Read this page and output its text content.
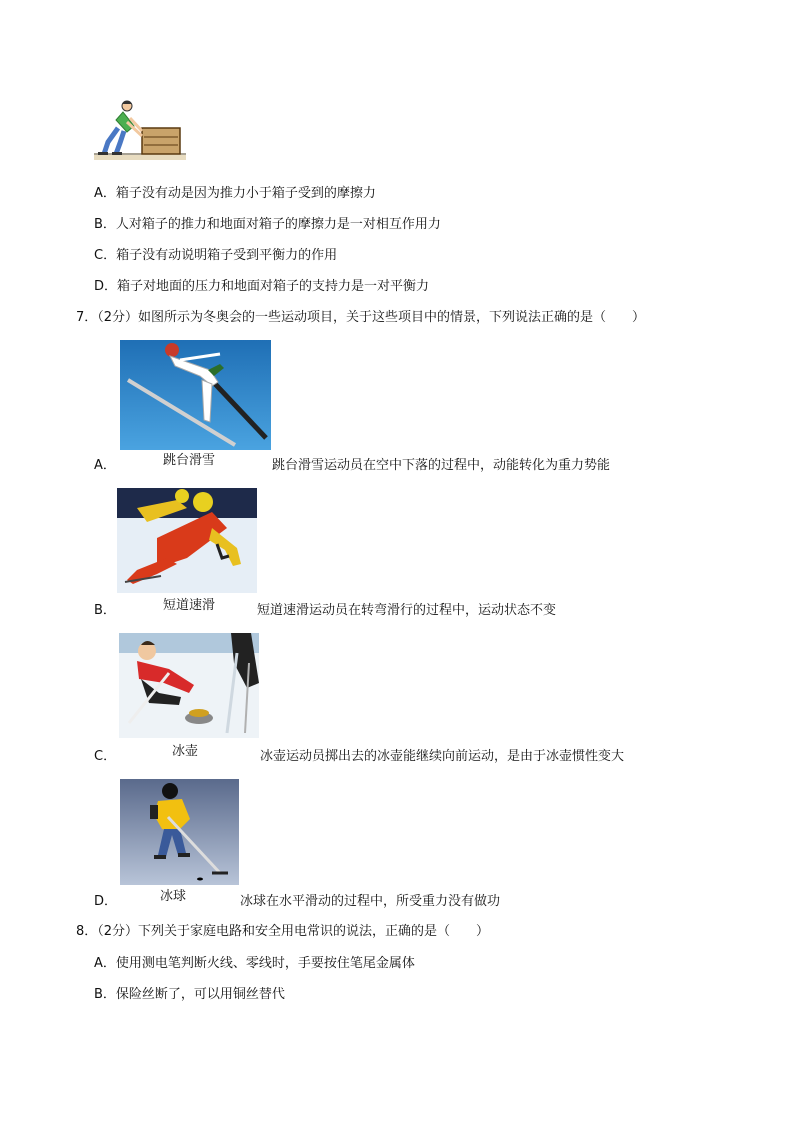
A．箱子没有动是因为推力小于箱子受到的摩擦力
B．人对箱子的推力和地面对箱子的摩擦力是一对相互作用力
C．箱子没有动说明箱子受到平衡力的作用
D．箱子对地面的压力和地面对箱子的支持力是一对平衡力
7．（2分）如图所示为冬奥会的一些运动项目，关于这些项目中的情景，下列说法正确的是（　　）
跳台滑雪
A．	跳台滑雪运动员在空中下落的过程中，动能转化为重力势能
短道速滑
B．	短道速滑运动员在转弯滑行的过程中，运动状态不变
冰壶
C．	冰壶运动员掷出去的冰壶能继续向前运动，是由于冰壶惯性变大
冰球
D．	冰球在水平滑动的过程中，所受重力没有做功
8．（2分）下列关于家庭电路和安全用电常识的说法，正确的是（　　）
A．使用测电笔判断火线、零线时，手要按住笔尾金属体
B．保险丝断了，可以用铜丝替代
